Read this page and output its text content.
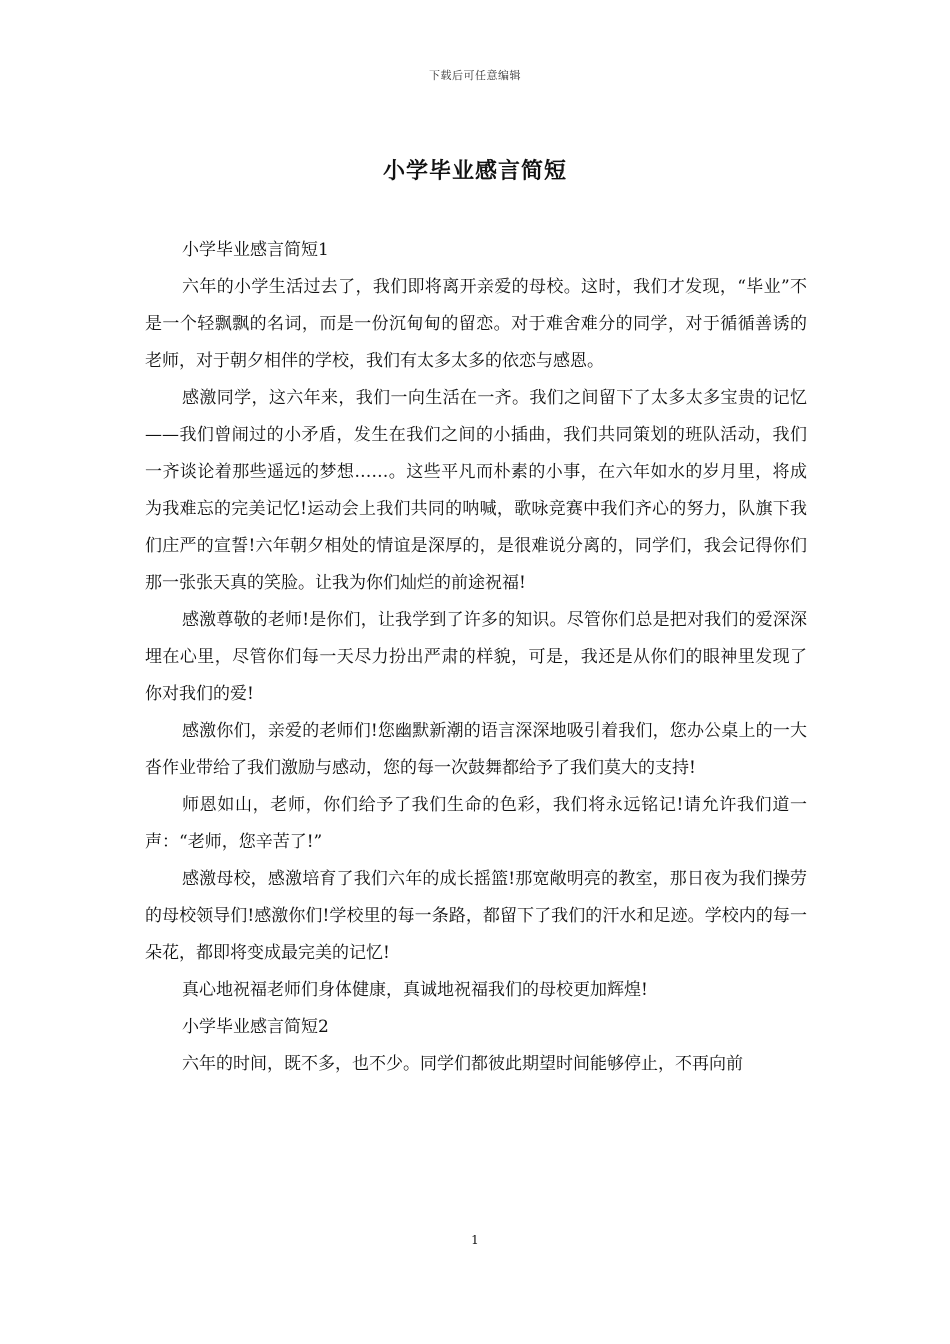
下载后可任意编辑
小学毕业感言简短

小学毕业感言简短1

六年的小学生活过去了，我们即将离开亲爱的母校。这时，我们才发现，“毕业”不是一个轻飘飘的名词，而是一份沉甸甸的留恋。对于难舍难分的同学，对于循循善诱的老师，对于朝夕相伴的学校，我们有太多太多的依恋与感恩。

感激同学，这六年来，我们一向生活在一齐。我们之间留下了太多太多宝贵的记忆——我们曾闹过的小矛盾，发生在我们之间的小插曲，我们共同策划的班队活动，我们一齐谈论着那些遥远的梦想……。这些平凡而朴素的小事，在六年如水的岁月里，将成为我难忘的完美记忆!运动会上我们共同的呐喊，歌咏竞赛中我们齐心的努力，队旗下我们庄严的宣誓!六年朝夕相处的情谊是深厚的，是很难说分离的，同学们，我会记得你们那一张张天真的笑脸。让我为你们灿烂的前途祝福!

感激尊敬的老师!是你们，让我学到了许多的知识。尽管你们总是把对我们的爱深深埋在心里，尽管你们每一天尽力扮出严肃的样貌，可是，我还是从你们的眼神里发现了你对我们的爱!

感激你们，亲爱的老师们!您幽默新潮的语言深深地吸引着我们，您办公桌上的一大沓作业带给了我们激励与感动，您的每一次鼓舞都给予了我们莫大的支持!

师恩如山，老师，你们给予了我们生命的色彩，我们将永远铭记!请允许我们道一声：“老师，您辛苦了!”

感激母校，感激培育了我们六年的成长摇篮!那宽敞明亮的教室，那日夜为我们操劳的母校领导们!感激你们!学校里的每一条路，都留下了我们的汗水和足迹。学校内的每一朵花，都即将变成最完美的记忆!

真心地祝福老师们身体健康，真诚地祝福我们的母校更加辉煌!

小学毕业感言简短2

六年的时间，既不多，也不少。同学们都彼此期望时间能够停止，不再向前

1
